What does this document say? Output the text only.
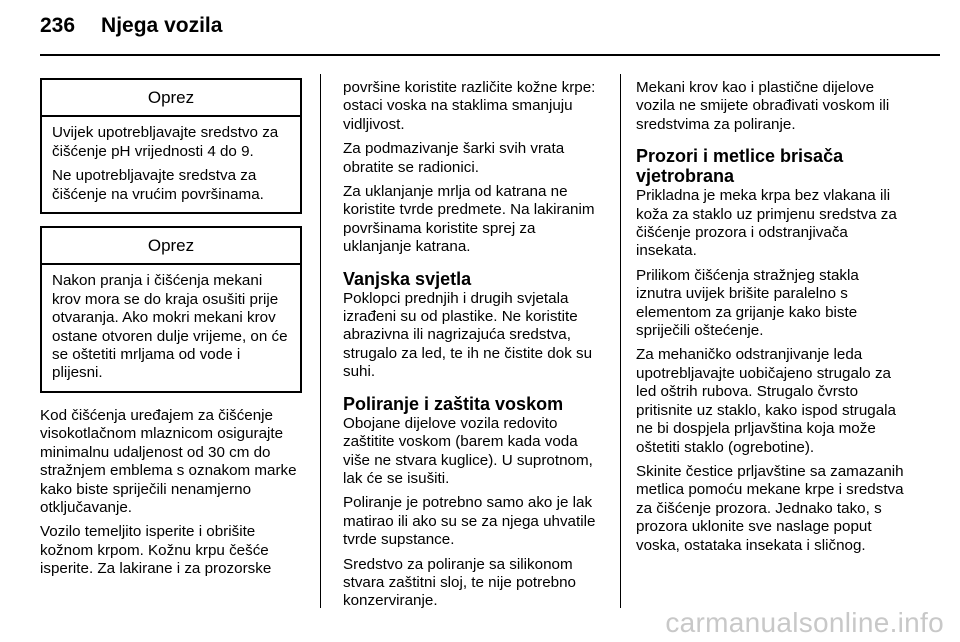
236 Njega vozila
Oprez

Uvijek upotrebljavajte sredstvo za čišćenje pH vrijednosti 4 do 9.

Ne upotrebljavajte sredstva za čišćenje na vrućim površinama.

Oprez

Nakon pranja i čišćenja mekani krov mora se do kraja osušiti prije otvaranja. Ako mokri mekani krov ostane otvoren dulje vrijeme, on će se oštetiti mrljama od vode i plijesni.

Kod čišćenja uređajem za čišćenje visokotlačnom mlaznicom osigurajte minimalnu udaljenost od 30 cm do stražnjem emblema s oznakom marke kako biste spriječili nenamjerno otključavanje.

Vozilo temeljito isperite i obrišite kožnom krpom. Kožnu krpu češće isperite. Za lakirane i za prozorske

površine koristite različite kožne krpe: ostaci voska na staklima smanjuju vidljivost.

Za podmazivanje šarki svih vrata obratite se radionici.

Za uklanjanje mrlja od katrana ne koristite tvrde predmete. Na lakiranim površinama koristite sprej za uklanjanje katrana.

Vanjska svjetla

Poklopci prednjih i drugih svjetala izrađeni su od plastike. Ne koristite abrazivna ili nagrizajuća sredstva, strugalo za led, te ih ne čistite dok su suhi.

Poliranje i zaštita voskom

Obojane dijelove vozila redovito zaštitite voskom (barem kada voda više ne stvara kuglice). U suprotnom, lak će se isušiti.

Poliranje je potrebno samo ako je lak matirao ili ako su se za njega uhvatile tvrde supstance.

Sredstvo za poliranje sa silikonom stvara zaštitni sloj, te nije potrebno konzerviranje.

Mekani krov kao i plastične dijelove vozila ne smijete obrađivati voskom ili sredstvima za poliranje.

Prozori i metlice brisača vjetrobrana

Prikladna je meka krpa bez vlakana ili koža za staklo uz primjenu sredstva za čišćenje prozora i odstranjivača insekata.

Prilikom čišćenja stražnjeg stakla iznutra uvijek brišite paralelno s elementom za grijanje kako biste spriječili oštećenje.

Za mehaničko odstranjivanje leda upotrebljavajte uobičajeno strugalo za led oštrih rubova. Strugalo čvrsto pritisnite uz staklo, kako ispod strugala ne bi dospjela prljavština koja može oštetiti staklo (ogrebotine).

Skinite čestice prljavštine sa zamazanih metlica pomoću mekane krpe i sredstva za čišćenje prozora. Jednako tako, s prozora uklonite sve naslage poput voska, ostataka insekata i sličnog.

carmanualsonline.info
